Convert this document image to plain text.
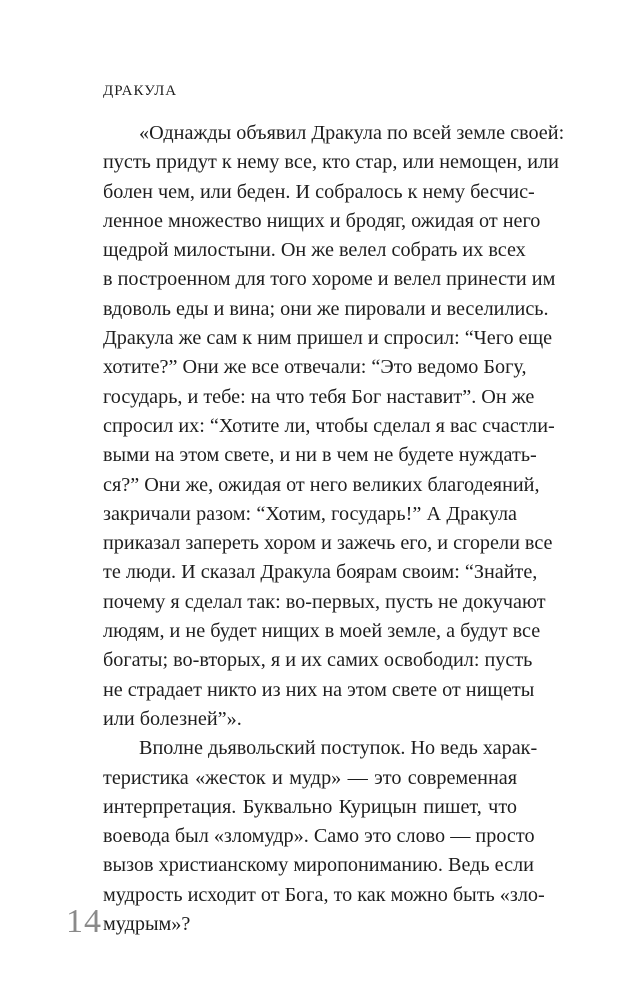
ДРАКУЛА
«Однажды объявил Дракула по всей земле своей:
пусть придут к нему все, кто стар, или немощен, или
болен чем, или беден. И собралось к нему бесчис-
ленное множество нищих и бродяг, ожидая от него
щедрой милостыни. Он же велел собрать их всех
в построенном для того хороме и велел принести им
вдоволь еды и вина; они же пировали и веселились.
Дракула же сам к ним пришел и спросил: “Чего еще
хотите?” Они же все отвечали: “Это ведомо Богу,
государь, и тебе: на что тебя Бог наставит”. Он же
спросил их: “Хотите ли, чтобы сделал я вас счастли-
выми на этом свете, и ни в чем не будете нуждать-
ся?” Они же, ожидая от него великих благодеяний,
закричали разом: “Хотим, государь!” А Дракула
приказал запереть хором и зажечь его, и сгорели все
те люди. И сказал Дракула боярам своим: “Знайте,
почему я сделал так: во-первых, пусть не докучают
людям, и не будет нищих в моей земле, а будут все
богаты; во-вторых, я и их самих освободил: пусть
не страдает никто из них на этом свете от нищеты
или болезней”».
Вполне дьявольский поступок. Но ведь харак-
теристика «жесток и мудр» — это современная
интерпретация. Буквально Курицын пишет, что
воевода был «зломудр». Само это слово — просто
вызов христианскому миропониманию. Ведь если
мудрость исходит от Бога, то как можно быть «зло-
мудрым»?
14
